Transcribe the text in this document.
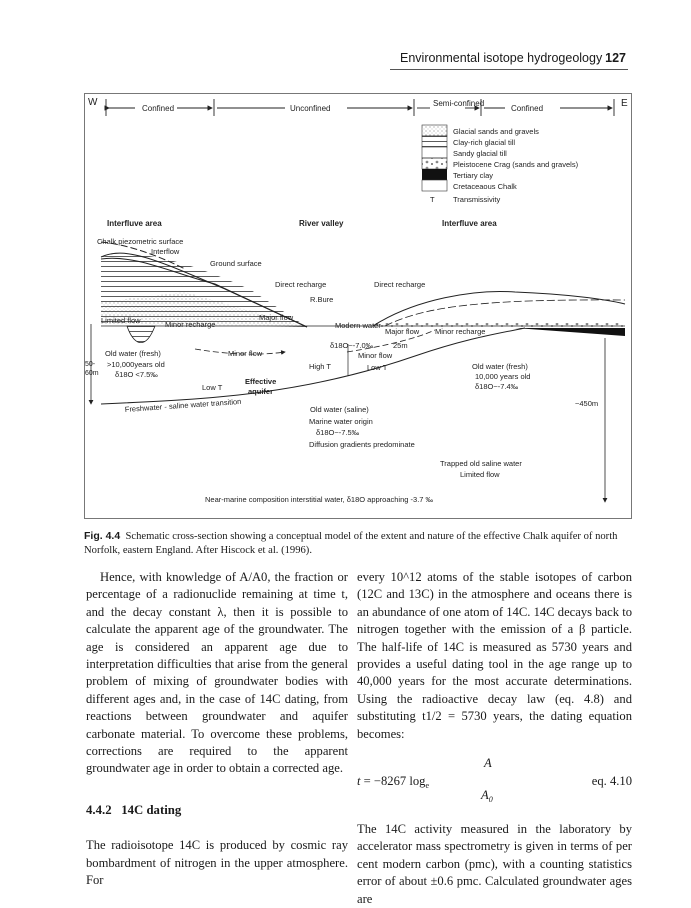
Environmental isotope hydrogeology 127
W	E
Confined	Unconfined
Semi-confined
Confined
T
Glacial sands and gravels
Clay-rich glacial till
Sandy glacial till
Pleistocene Crag (sands and gravels)
Tertiary clay
Cretaceaous Chalk
Transmissivity
Interfluve area	River valley	Interfluve area
Chalk piezometric surface
Interflow
Ground surface
Direct recharge	Direct recharge
R.Bure
Limited flow	Minor recharge
Major flow
Modern water
δ18O~-7.0‰
Major flow Minor recharge
25m
Old water (fresh)
>10,000years old
δ18O <7.5‰
50-
60m
Minor flow	Minor flow
High T
Low T
Low T
Effective
aquifer
Old water (fresh)
10,000 years old
δ18O~-7.4‰
Freshwater - saline water transition	Old water (saline)
Marine water origin
δ18O~-7.5‰
Diffusion gradients predominate
~450m
Trapped old saline water
Limited flow
Near-marine composition interstitial water, δ18O approaching -3.7 ‰
Fig. 4.4 Schematic cross-section showing a conceptual model of the extent and nature of the effective Chalk aquifer of north Norfolk, eastern England. After Hiscock et al. (1996).

Hence, with knowledge of A/A0, the fraction or percentage of a radionuclide remaining at time t, and the decay constant λ, then it is possible to calculate the apparent age of the groundwater. The age is considered an apparent age due to interpretation difficulties that arise from the general problem of mixing of groundwater bodies with different ages and, in the case of 14C dating, from reactions between groundwater and aquifer carbonate material. To overcome these problems, corrections are required to the apparent groundwater age in order to obtain a corrected age.

4.4.2 14C dating

The radioisotope 14C is produced by cosmic ray bombardment of nitrogen in the upper atmosphere. For

every 10^12 atoms of the stable isotopes of carbon (12C and 13C) in the atmosphere and oceans there is an abundance of one atom of 14C. 14C decays back to nitrogen together with the emission of a β particle. The half-life of 14C is measured as 5730 years and provides a useful dating tool in the age range up to 40,000 years for the most accurate determinations. Using the radioactive decay law (eq. 4.8) and substituting t1/2 = 5730 years, the dating equation becomes:

t = −8267 $\log_e$
A
$A_0$
eq. 4.10

The 14C activity measured in the laboratory by accelerator mass spectrometry is given in terms of per cent modern carbon (pmc), with a counting statistics error of about ±0.6 pmc. Calculated groundwater ages are
